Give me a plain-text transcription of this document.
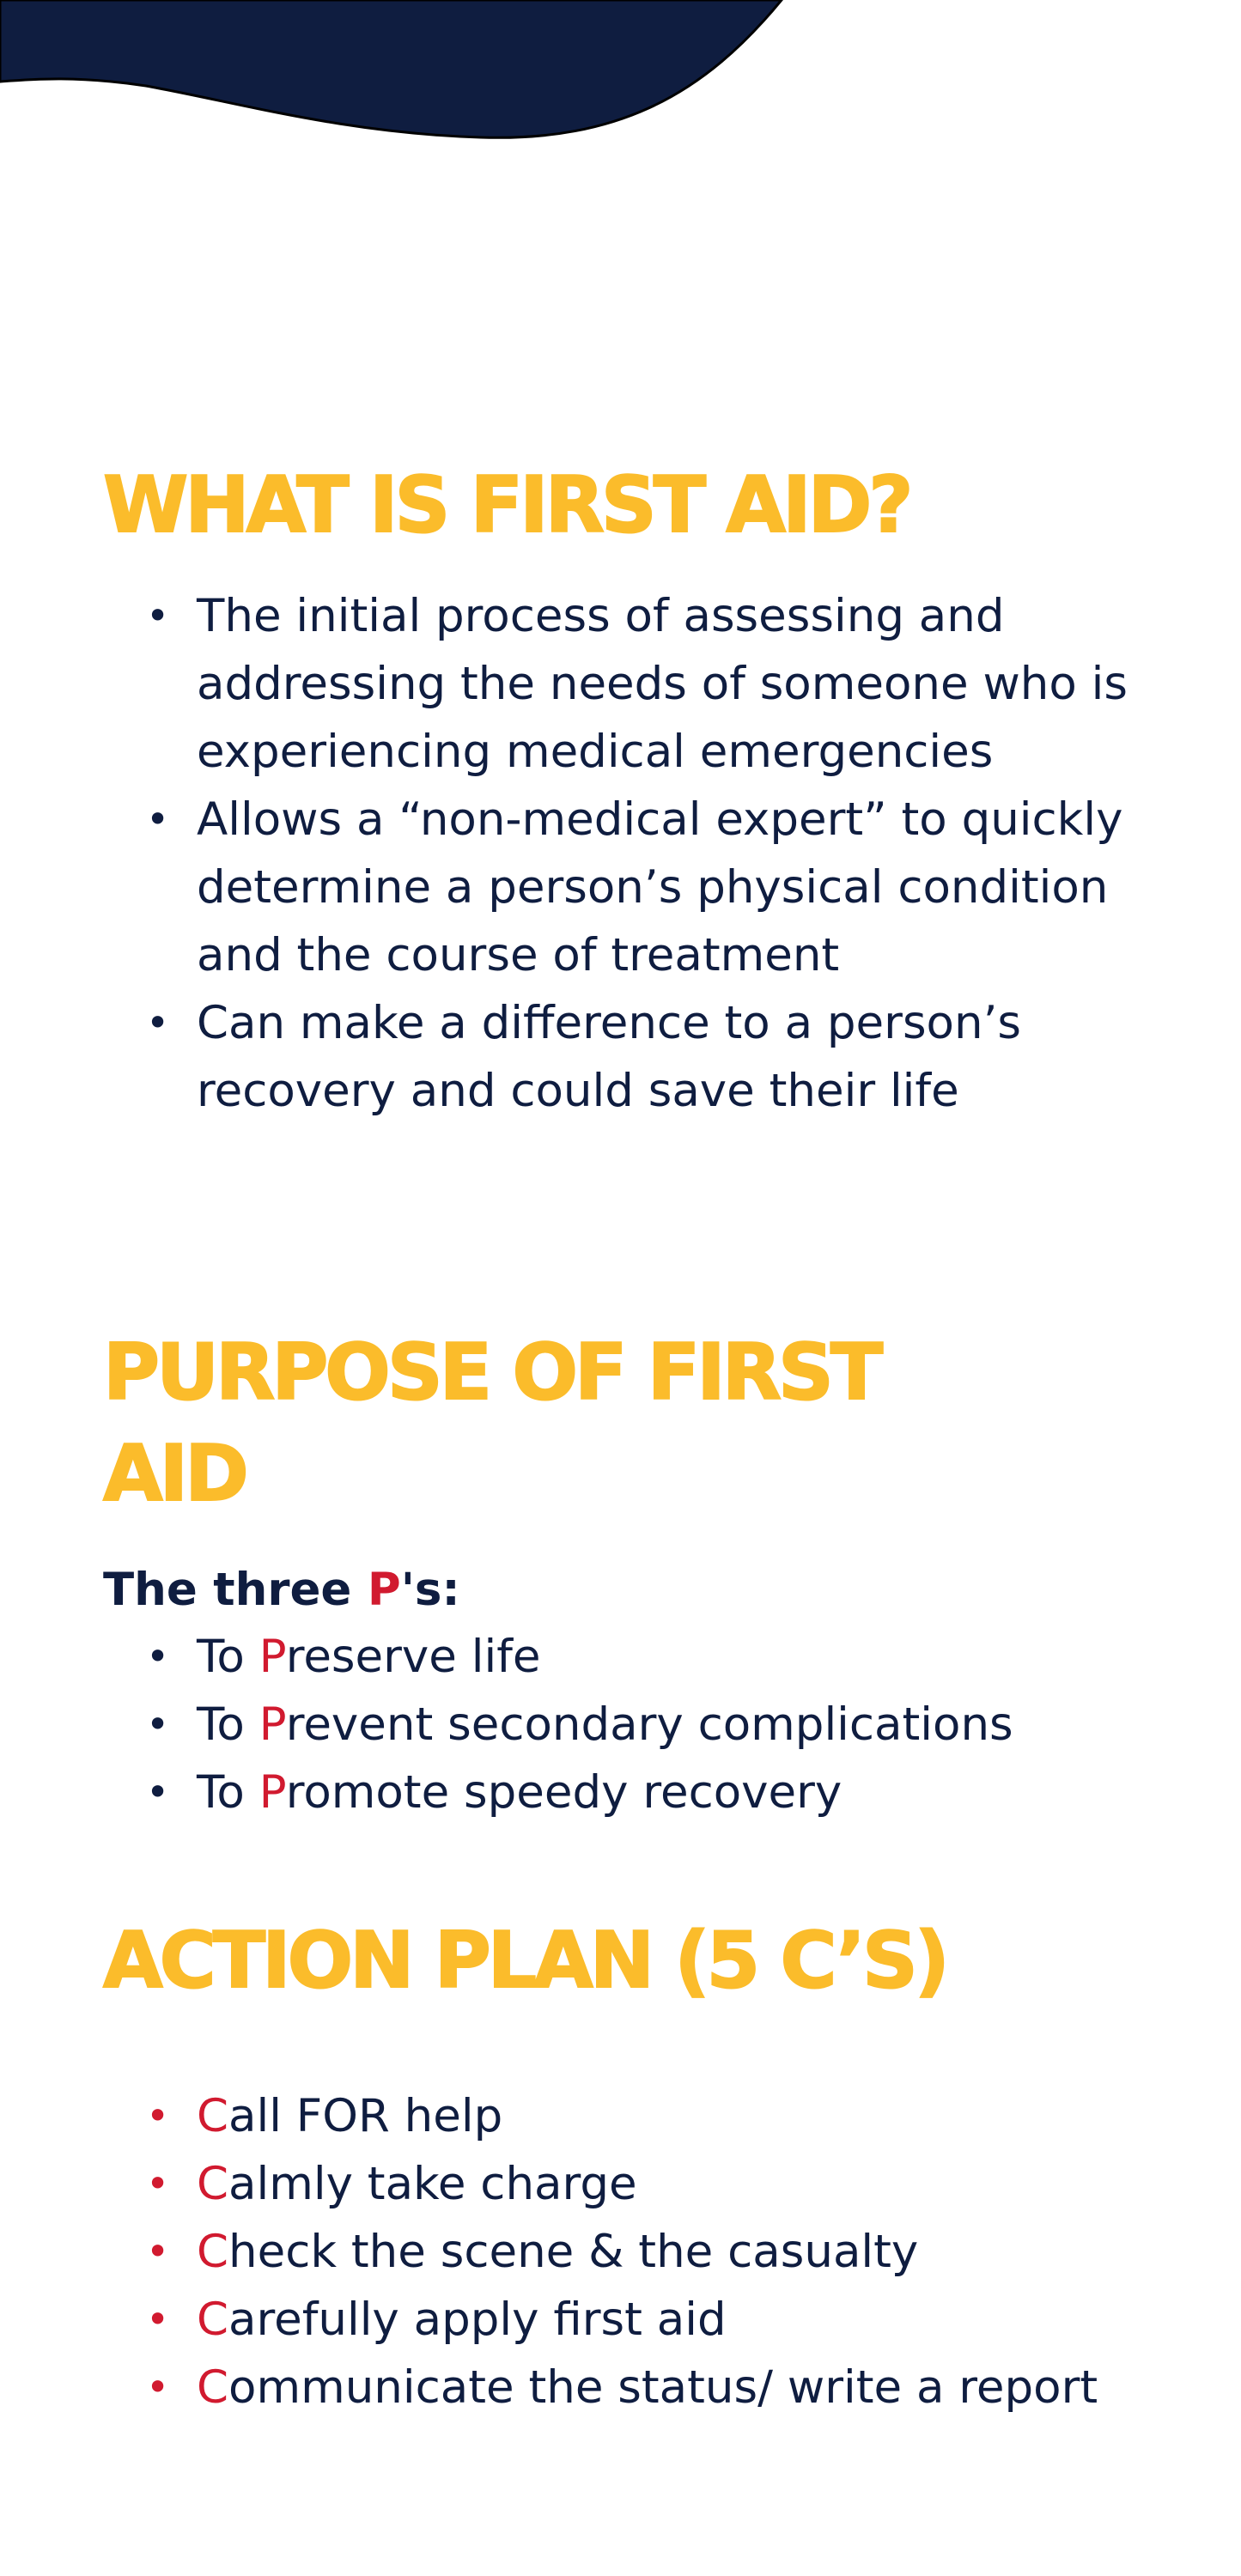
WHAT IS FIRST AID?
• The initial process of assessing and addressing the needs of someone who is experiencing medical emergencies
• Allows a “non-medical expert” to quickly determine a person’s physical condition and the course of treatment
• Can make a difference to a person’s recovery and could save their life
PURPOSE OF FIRST AID

The three P's:

• To Preserve life
• To Prevent secondary complications
• To Promote speedy recovery
ACTION PLAN (5 C’S)
• Call FOR help
• Calmly take charge
• Check the scene & the casualty
• Carefully apply first aid
• Communicate the status/ write a report
